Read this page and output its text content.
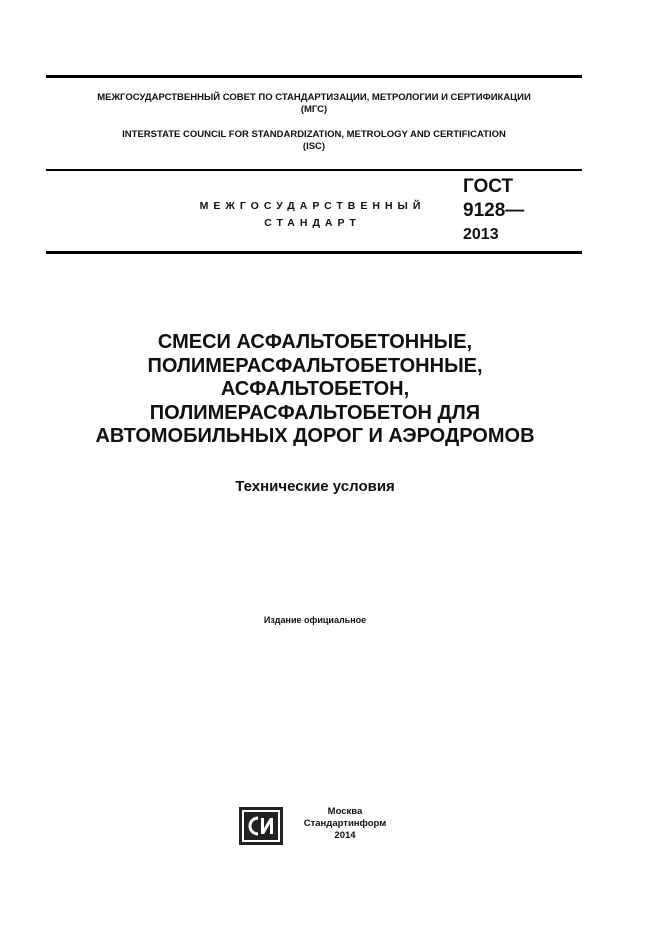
МЕЖГОСУДАРСТВЕННЫЙ СОВЕТ ПО СТАНДАРТИЗАЦИИ, МЕТРОЛОГИИ И СЕРТИФИКАЦИИ
(МГС)
INTERSTATE COUNCIL FOR STANDARDIZATION, METROLOGY AND CERTIFICATION
(ISC)
МЕЖГОСУДАРСТВЕННЫЙ
СТАНДАРТ
ГОСТ
9128—
2013
СМЕСИ АСФАЛЬТОБЕТОННЫЕ,
ПОЛИМЕРАСФАЛЬТОБЕТОННЫЕ,
АСФАЛЬТОБЕТОН,
ПОЛИМЕРАСФАЛЬТОБЕТОН ДЛЯ
АВТОМОБИЛЬНЫХ ДОРОГ И АЭРОДРОМОВ
Технические условия
Издание официальное
Москва
Стандартинформ
2014
